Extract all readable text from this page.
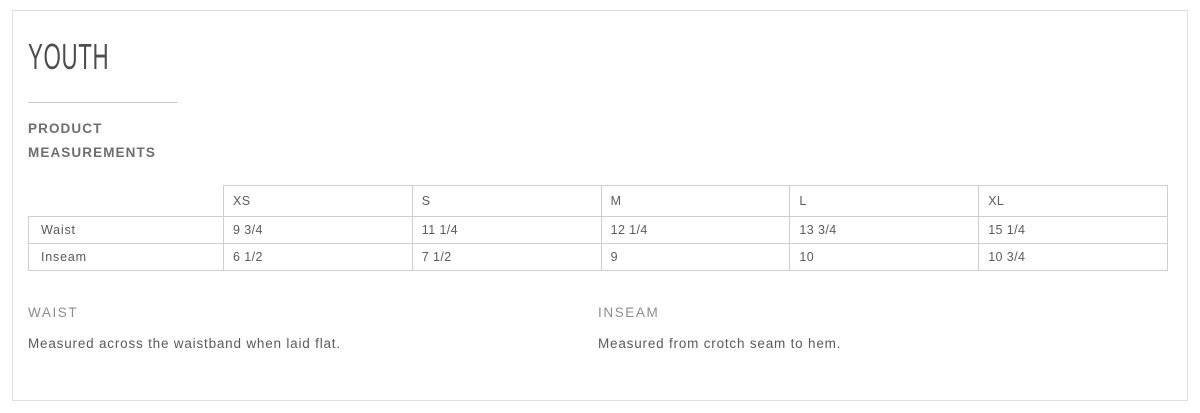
YOUTH
PRODUCT
MEASUREMENTS
	XS	S	M	L	XL
Waist	9 3/4	11 1/4	12 1/4	13 3/4	15 1/4
Inseam	6 1/2	7 1/2	9	10	10 3/4
WAIST
Measured across the waistband when laid flat.
INSEAM
Measured from crotch seam to hem.
